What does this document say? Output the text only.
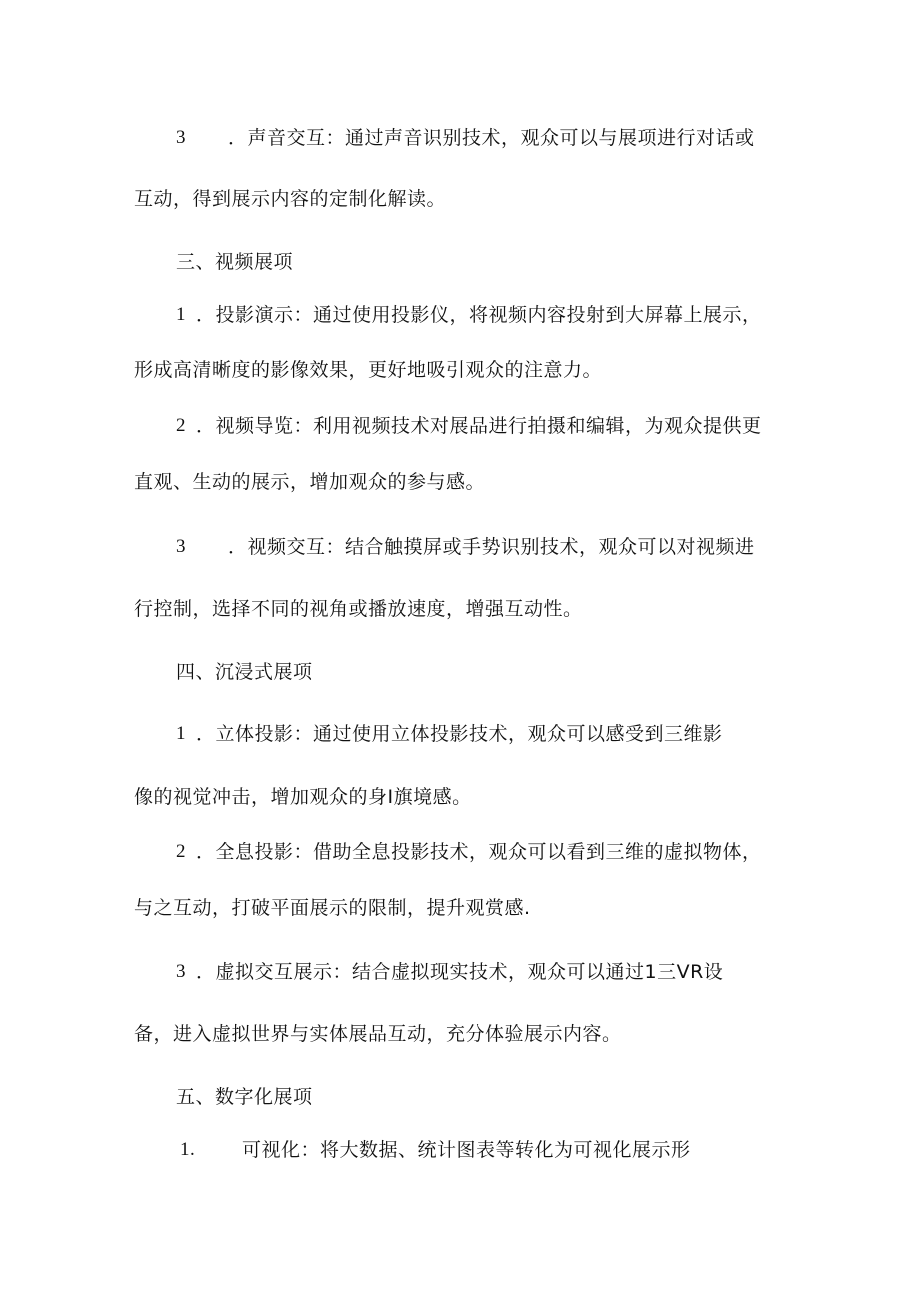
3 ．声音交互：通过声音识别技术，观众可以与展项进行对话或
互动，得到展示内容的定制化解读。
三、视频展项
1 ．投影演示：通过使用投影仪，将视频内容投射到大屏幕上展示，
形成高清晰度的影像效果，更好地吸引观众的注意力。
2 ．视频导览：利用视频技术对展品进行拍摄和编辑，为观众提供更
直观、生动的展示，增加观众的参与感。
3 ．视频交互：结合触摸屏或手势识别技术，观众可以对视频进
行控制，选择不同的视角或播放速度，增强互动性。
四、沉浸式展项
1 ．立体投影：通过使用立体投影技术，观众可以感受到三维影
像的视觉冲击，增加观众的身I旗境感。
2 ．全息投影：借助全息投影技术，观众可以看到三维的虚拟物体，
与之互动，打破平面展示的限制，提升观赏感.
3 ．虚拟交互展示：结合虚拟现实技术，观众可以通过1三VR设
备，进入虚拟世界与实体展品互动，充分体验展示内容。
五、数字化展项
1. 可视化：将大数据、统计图表等转化为可视化展示形
